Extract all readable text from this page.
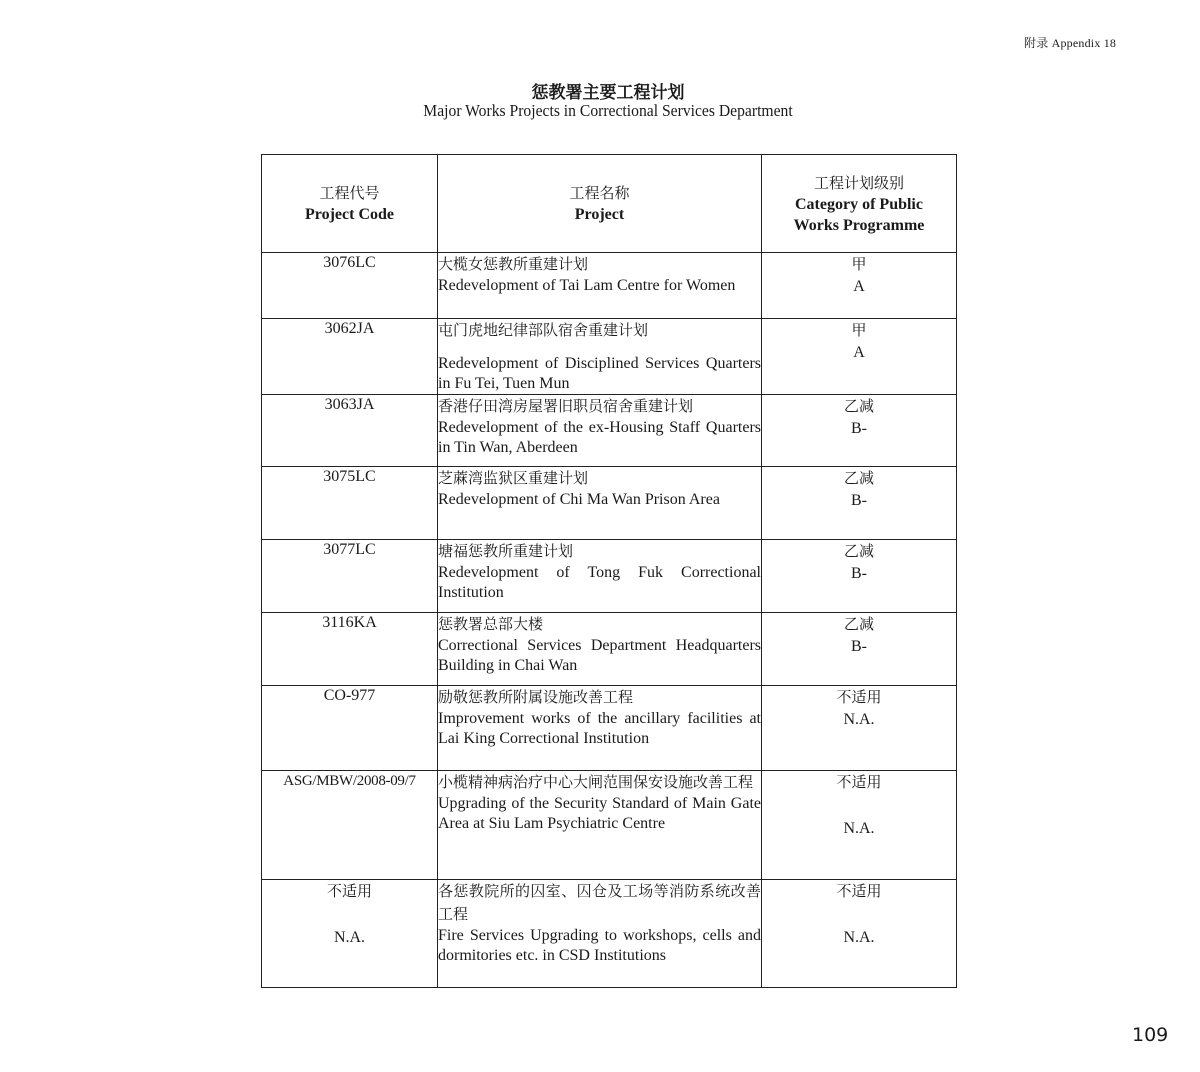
附录 Appendix 18
惩教署主要工程计划
Major Works Projects in Correctional Services Department
工程代号
Project Code	工程名称
Project	工程计划级别
Category of Public Works Programme

3076LC	大榄女惩教所重建计划
Redevelopment of Tai Lam Centre for Women	甲
A

3062JA	屯门虎地纪律部队宿舍重建计划
Redevelopment of Disciplined Services Quarters in Fu Tei, Tuen Mun	甲
A

3063JA	香港仔田湾房屋署旧职员宿舍重建计划
Redevelopment of the ex-Housing Staff Quarters in Tin Wan, Aberdeen	乙减
B-

3075LC	芝蔴湾监狱区重建计划
Redevelopment of Chi Ma Wan Prison Area	乙减
B-

3077LC	塘福惩教所重建计划
Redevelopment of Tong Fuk Correctional Institution	乙减
B-

3116KA	惩教署总部大楼
Correctional Services Department Headquarters Building in Chai Wan	乙减
B-

CO-977	励敬惩教所附属设施改善工程
Improvement works of the ancillary facilities at Lai King Correctional Institution	不适用
N.A.

ASG/MBW/2008-09/7	小榄精神病治疗中心大闸范围保安设施改善工程
Upgrading of the Security Standard of Main Gate Area at Siu Lam Psychiatric Centre	不适用
N.A.

不适用
N.A.	各惩教院所的囚室、囚仓及工场等消防系统改善工程
Fire Services Upgrading to workshops, cells and dormitories etc. in CSD Institutions	不适用
N.A.
109
